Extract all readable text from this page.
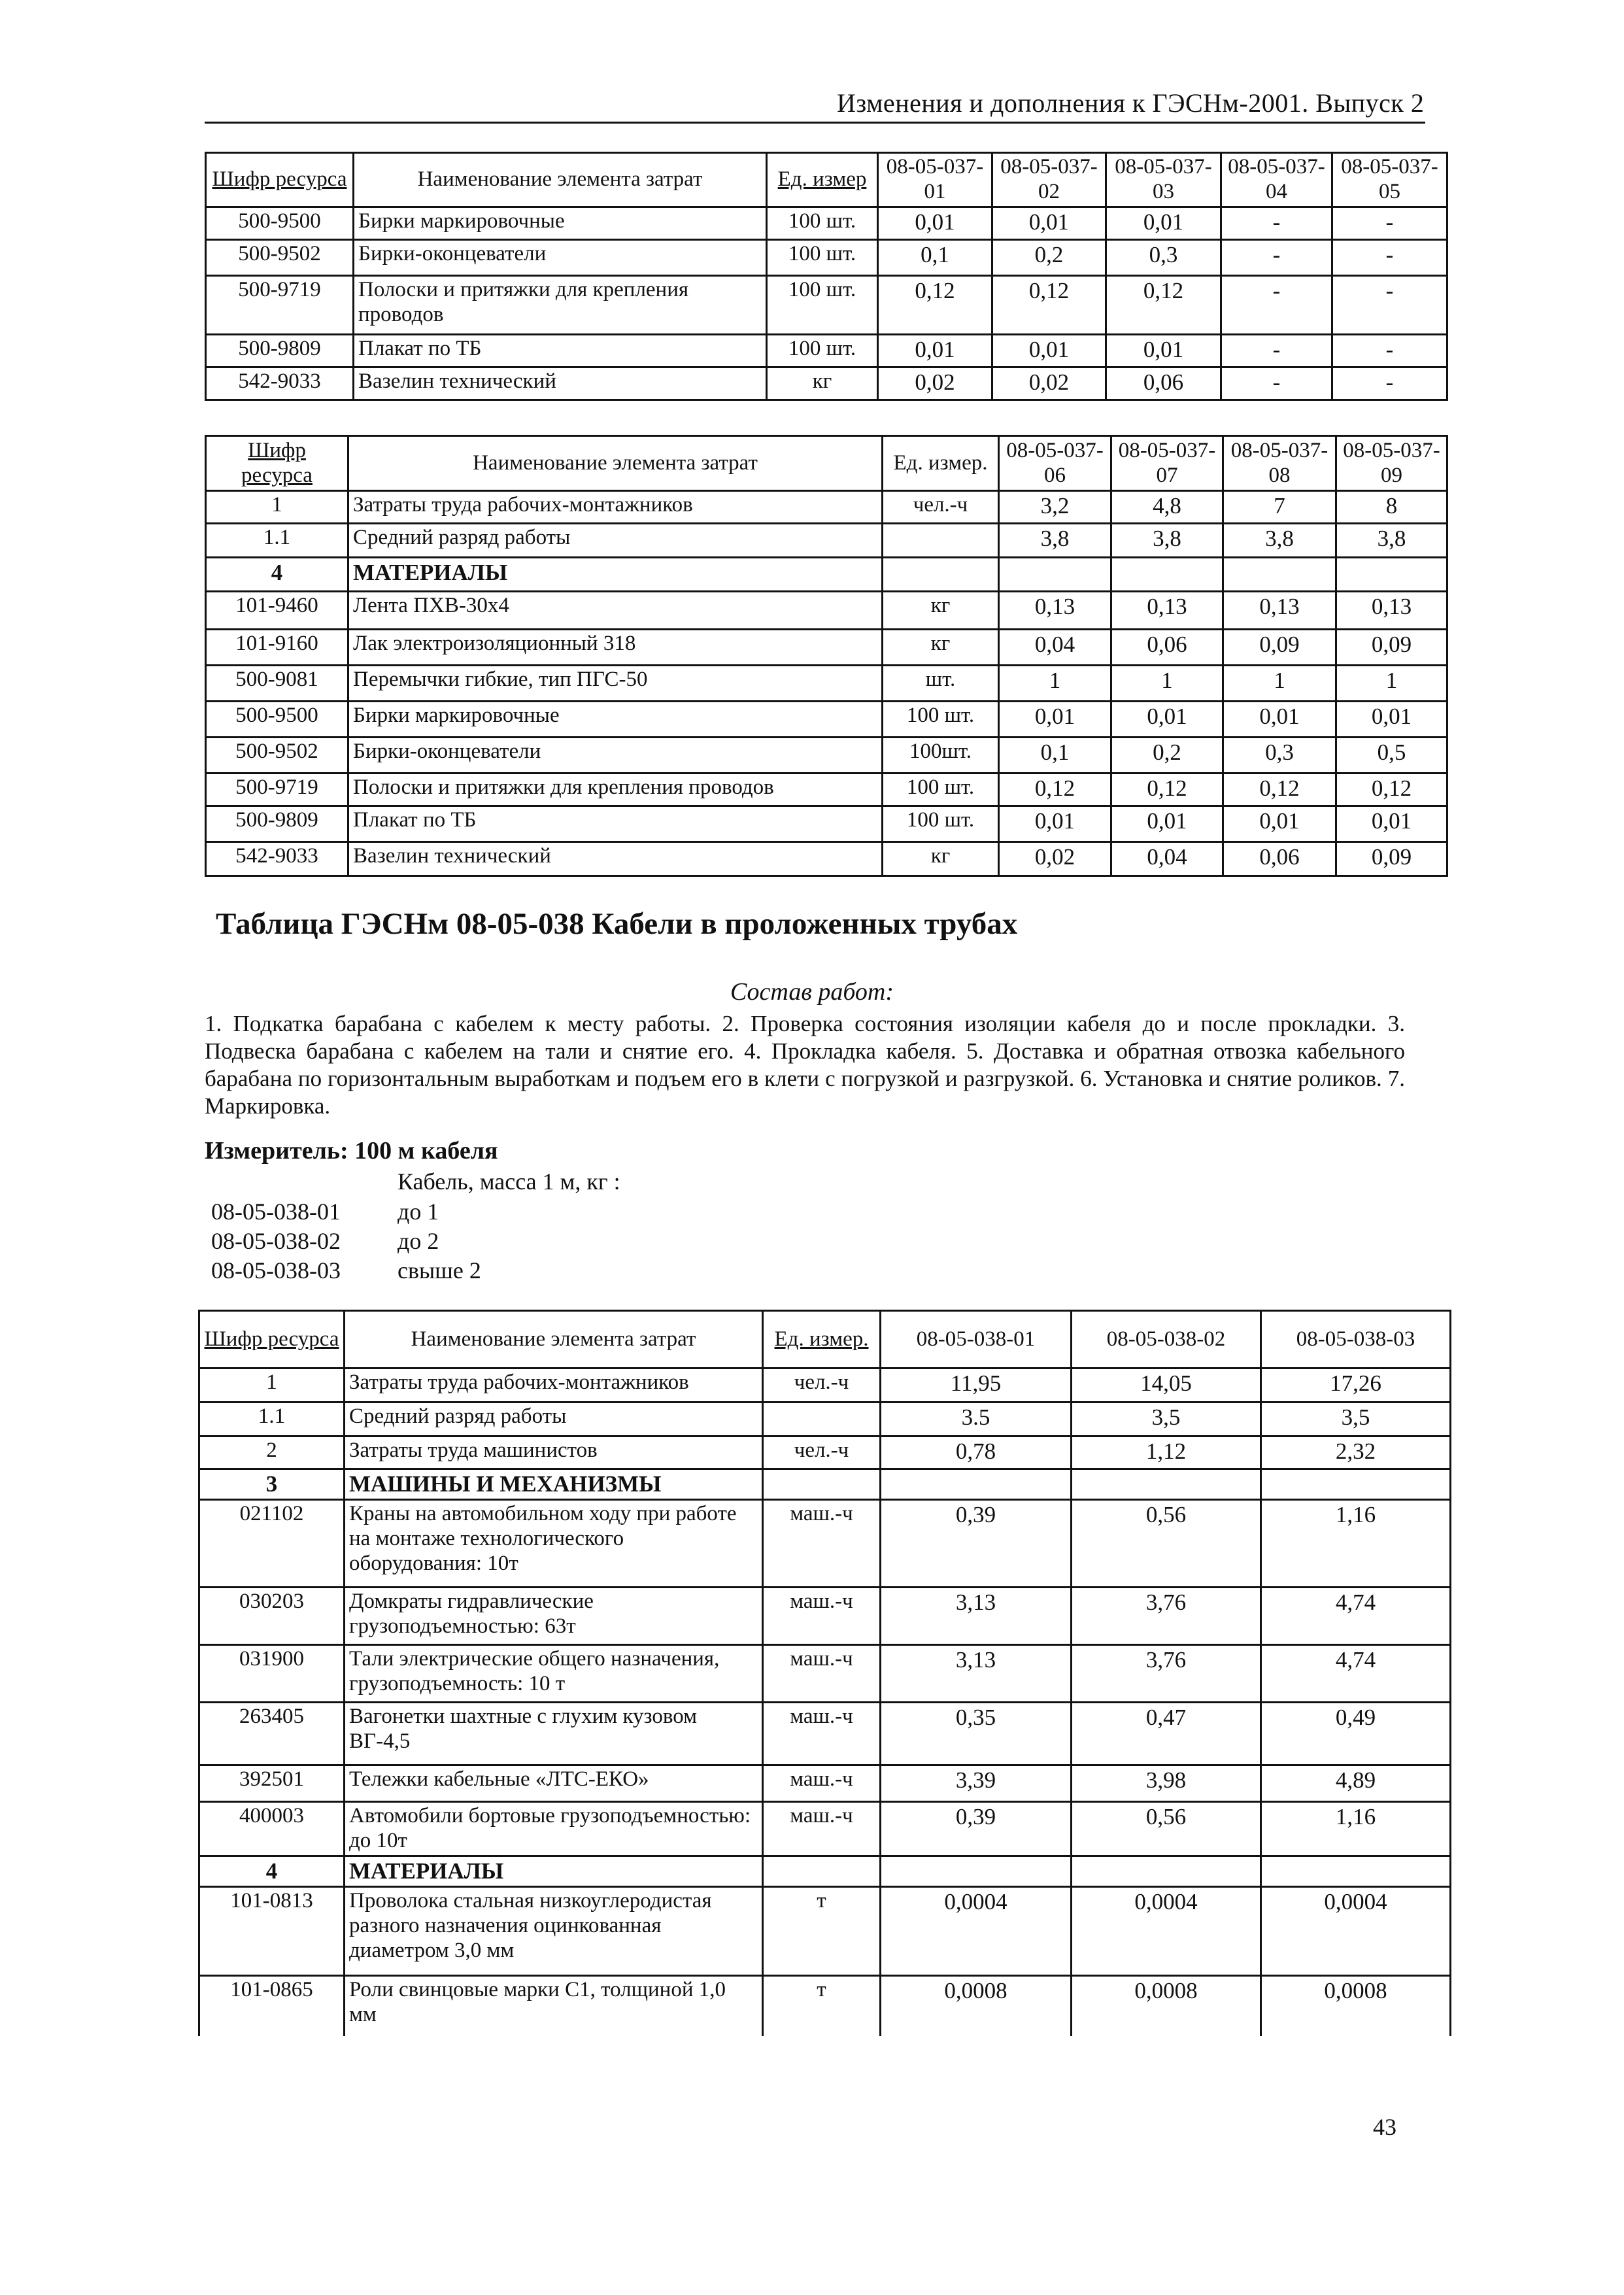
Изменения и дополнения к ГЭСНм-2001. Выпуск 2
Шифр ресурса	Наименование элемента затрат	Ед. измер	08-05-037-01	08-05-037-02	08-05-037-03	08-05-037-04	08-05-037-05
500-9500	Бирки маркировочные	100 шт.	0,01	0,01	0,01	-	-
500-9502	Бирки-оконцеватели	100 шт.	0,1	0,2	0,3	-	-
500-9719	Полоски и притяжки для крепления проводов	100 шт.	0,12	0,12	0,12	-	-
500-9809	Плакат по ТБ	100 шт.	0,01	0,01	0,01	-	-
542-9033	Вазелин технический	кг	0,02	0,02	0,06	-	-
Шифр ресурса	Наименование элемента затрат	Ед. измер.	08-05-037-06	08-05-037-07	08-05-037-08	08-05-037-09
1	Затраты труда рабочих-монтажников	чел.-ч	3,2	4,8	7	8
1.1	Средний разряд работы		3,8	3,8	3,8	3,8
4	МАТЕРИАЛЫ					
101-9460	Лента ПХВ-30х4	кг	0,13	0,13	0,13	0,13
101-9160	Лак электроизоляционный 318	кг	0,04	0,06	0,09	0,09
500-9081	Перемычки гибкие, тип ПГС-50	шт.	1	1	1	1
500-9500	Бирки маркировочные	100 шт.	0,01	0,01	0,01	0,01
500-9502	Бирки-оконцеватели	100шт.	0,1	0,2	0,3	0,5
500-9719	Полоски и притяжки для крепления проводов	100 шт.	0,12	0,12	0,12	0,12
500-9809	Плакат по ТБ	100 шт.	0,01	0,01	0,01	0,01
542-9033	Вазелин технический	кг	0,02	0,04	0,06	0,09
Таблица ГЭСНм 08-05-038 Кабели в проложенных трубах
Состав работ:
1. Подкатка барабана с кабелем к месту работы. 2. Проверка состояния изоляции кабеля до и после прокладки. 3. Подвеска барабана с кабелем на тали и снятие его. 4. Прокладка кабеля. 5. Доставка и обратная отвозка кабельного барабана по горизонтальным выработкам и подъем его в клети с погрузкой и разгрузкой. 6. Установка и снятие роликов. 7. Маркировка.
Измеритель: 100 м кабеля
Кабель, масса 1 м, кг :
08-05-038-01 до 1
08-05-038-02 до 2
08-05-038-03 свыше 2
Шифр ресурса	Наименование элемента затрат	Ед. измер.	08-05-038-01	08-05-038-02	08-05-038-03
1	Затраты труда рабочих-монтажников	чел.-ч	11,95	14,05	17,26
1.1	Средний разряд работы		3.5	3,5	3,5
2	Затраты труда машинистов	чел.-ч	0,78	1,12	2,32
3	МАШИНЫ И МЕХАНИЗМЫ				
021102	Краны на автомобильном ходу при работе на монтаже технологического оборудования: 10т	маш.-ч	0,39	0,56	1,16
030203	Домкраты гидравлические грузоподъемностью: 63т	маш.-ч	3,13	3,76	4,74
031900	Тали электрические общего назначения, грузоподъемность: 10 т	маш.-ч	3,13	3,76	4,74
263405	Вагонетки шахтные с глухим кузовом ВГ-4,5	маш.-ч	0,35	0,47	0,49
392501	Тележки кабельные «ЛТС-ЕКО»	маш.-ч	3,39	3,98	4,89
400003	Автомобили бортовые грузоподъемностью: до 10т	маш.-ч	0,39	0,56	1,16
4	МАТЕРИАЛЫ				
101-0813	Проволока стальная низкоуглеродистая разного назначения оцинкованная диаметром 3,0 мм	т	0,0004	0,0004	0,0004
101-0865	Роли свинцовые марки С1, толщиной 1,0 мм	т	0,0008	0,0008	0,0008
43
